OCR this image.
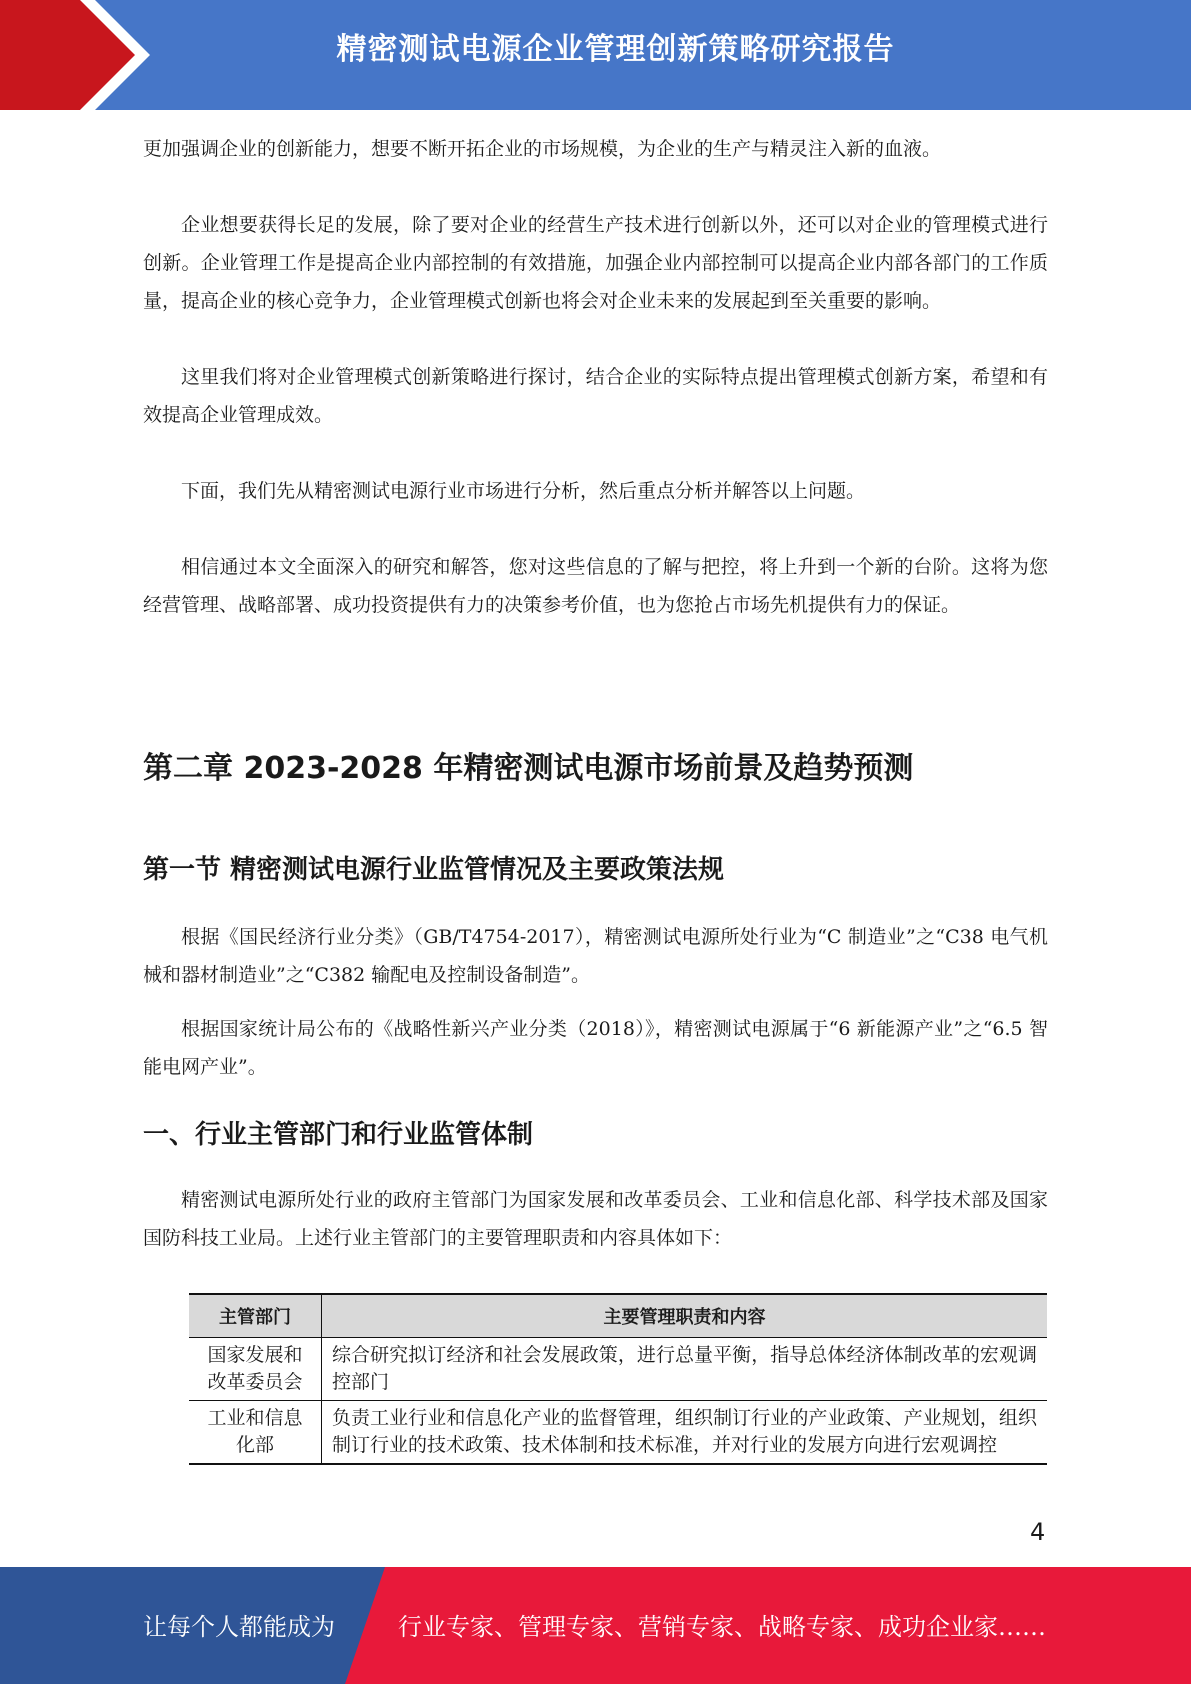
精密测试电源企业管理创新策略研究报告

更加强调企业的创新能力，想要不断开拓企业的市场规模，为企业的生产与精灵注入新的血液。

企业想要获得长足的发展，除了要对企业的经营生产技术进行创新以外，还可以对企业的管理模式进行创新。企业管理工作是提高企业内部控制的有效措施，加强企业内部控制可以提高企业内部各部门的工作质量，提高企业的核心竞争力，企业管理模式创新也将会对企业未来的发展起到至关重要的影响。

这里我们将对企业管理模式创新策略进行探讨，结合企业的实际特点提出管理模式创新方案，希望和有效提高企业管理成效。

下面，我们先从精密测试电源行业市场进行分析，然后重点分析并解答以上问题。

相信通过本文全面深入的研究和解答，您对这些信息的了解与把控，将上升到一个新的台阶。这将为您经营管理、战略部署、成功投资提供有力的决策参考价值，也为您抢占市场先机提供有力的保证。

第二章 2023-2028 年精密测试电源市场前景及趋势预测
第一节 精密测试电源行业监管情况及主要政策法规

根据《国民经济行业分类》（GB/T4754-2017），精密测试电源所处行业为“C 制造业”之“C38 电气机械和器材制造业”之“C382 输配电及控制设备制造”。

根据国家统计局公布的《战略性新兴产业分类（2018）》，精密测试电源属于“6 新能源产业”之“6.5 智能电网产业”。

一、行业主管部门和行业监管体制

精密测试电源所处行业的政府主管部门为国家发展和改革委员会、工业和信息化部、科学技术部及国家国防科技工业局。上述行业主管部门的主要管理职责和内容具体如下：

主管部门	主要管理职责和内容
国家发展和改革委员会	综合研究拟订经济和社会发展政策，进行总量平衡，指导总体经济体制改革的宏观调控部门
工业和信息化部	负责工业行业和信息化产业的监督管理，组织制订行业的产业政策、产业规划，组织制订行业的技术政策、技术体制和技术标准，并对行业的发展方向进行宏观调控
4
让每个人都能成为	行业专家、管理专家、营销专家、战略专家、成功企业家……
